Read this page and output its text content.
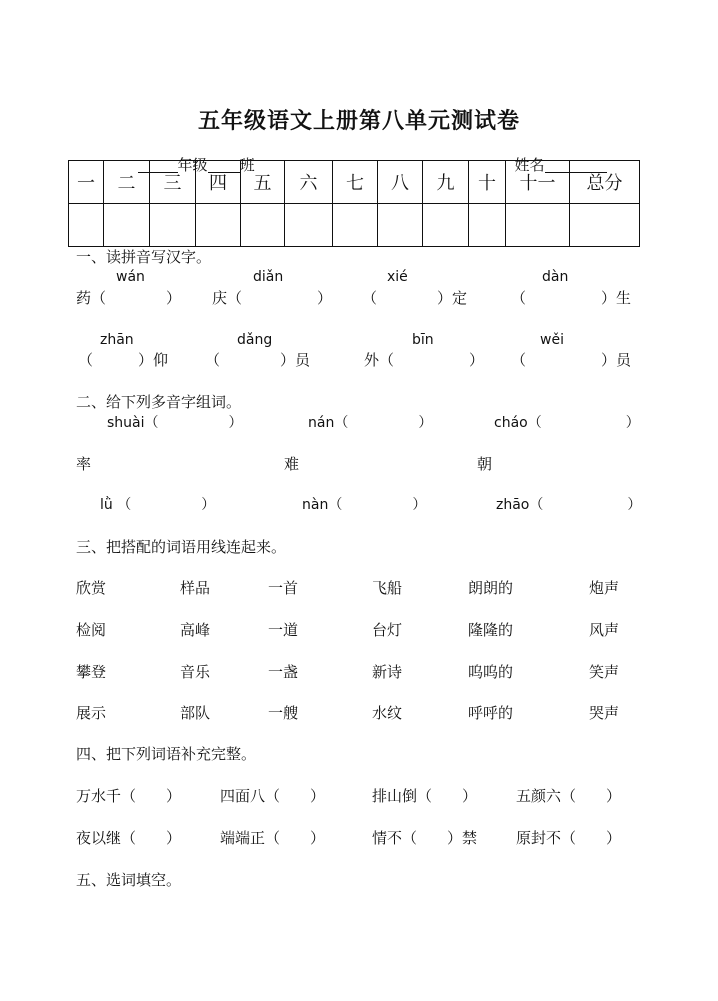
五年级语文上册第八单元测试卷

年级 班	姓名

一	二	三	四	五	六	七	八	九	十	十一	总分

一、读拼音写汉字。
wán	diǎn	xié	dàn
药（　　　　） 庆（　　　　　） （　　　　）定	（　　　　　）生
zhān	dǎng	bīn	wěi
（　　　）仰 （　　　　）员	外（　　　　　） （　　　　　）员
二、给下列多音字组词。
shuài（　　　　　）	nán（　　　　　）	cháo（　　　　　　）
率	难	朝
lǜ （　　　　　）	nàn（　　　　　）	zhāo（　　　　　　）
三、把搭配的词语用线连起来。
欣赏	样品	一首	飞船	朗朗的	炮声
检阅	高峰	一道	台灯	隆隆的	风声
攀登	音乐	一盏	新诗	呜呜的	笑声
展示	部队	一艘	水纹	呼呼的	哭声
四、把下列词语补充完整。
万水千（　　）	四面八（　　）	排山倒（　　）	五颜六（　　）
夜以继（　　）	端端正（　　）	情不（　　）禁	原封不（　　）
五、选词填空。
